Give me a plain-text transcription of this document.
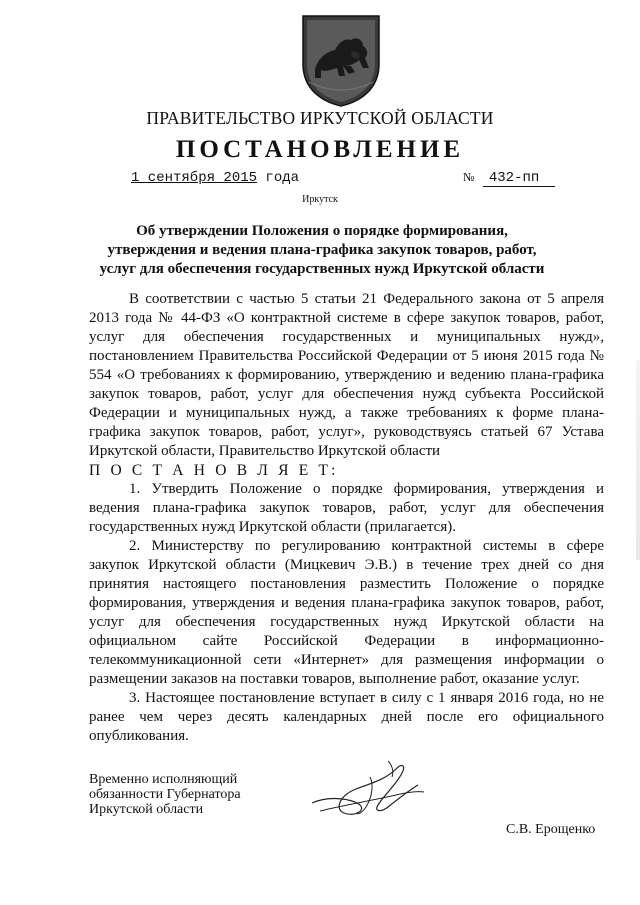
ПРАВИТЕЛЬСТВО ИРКУТСКОЙ ОБЛАСТИ
ПОСТАНОВЛЕНИЕ
1 сентября 2015 года	№ 432-пп
Иркутск
Об утверждении Положения о порядке формирования, утверждения и ведения плана-графика закупок товаров, работ, услуг для обеспечения государственных нужд Иркутской области

В соответствии с частью 5 статьи 21 Федерального закона от 5 апреля 2013 года № 44-ФЗ «О контрактной системе в сфере закупок товаров, работ, услуг для обеспечения государственных и муниципальных нужд», постановлением Правительства Российской Федерации от 5 июня 2015 года № 554 «О требованиях к формированию, утверждению и ведению плана-графика закупок товаров, работ, услуг для обеспечения нужд субъекта Российской Федерации и муниципальных нужд, а также требованиях к форме плана-графика закупок товаров, работ, услуг», руководствуясь статьей 67 Устава Иркутской области, Правительство Иркутской области

П О С Т А Н О В Л Я Е Т:

1. Утвердить Положение о порядке формирования, утверждения и ведения плана-графика закупок товаров, работ, услуг для обеспечения государственных нужд Иркутской области (прилагается).

2. Министерству по регулированию контрактной системы в сфере закупок Иркутской области (Мицкевич Э.В.) в течение трех дней со дня принятия настоящего постановления разместить Положение о порядке формирования, утверждения и ведения плана-графика закупок товаров, работ, услуг для обеспечения государственных нужд Иркутской области на официальном сайте Российской Федерации в информационно-телекоммуникационной сети «Интернет» для размещения информации о размещении заказов на поставки товаров, выполнение работ, оказание услуг.

3. Настоящее постановление вступает в силу с 1 января 2016 года, но не ранее чем через десять календарных дней после его официального опубликования.

Временно исполняющий
обязанности Губернатора
Иркутской области
С.В. Ерощенко
